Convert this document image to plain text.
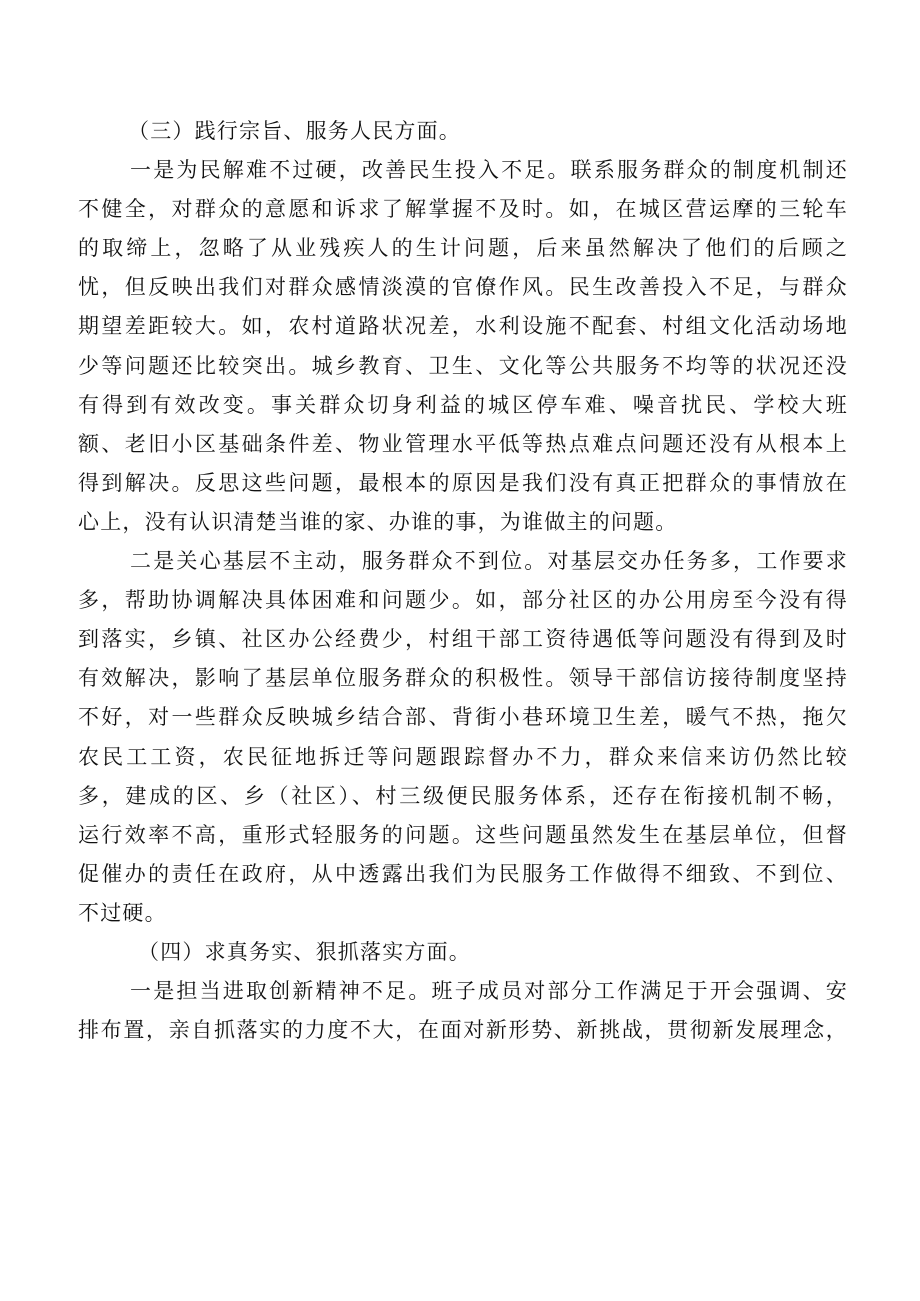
（三）践行宗旨、服务人民方面。
一是为民解难不过硬，改善民生投入不足。联系服务群众的制度机制还
不健全，对群众的意愿和诉求了解掌握不及时。如，在城区营运摩的三轮车
的取缔上，忽略了从业残疾人的生计问题，后来虽然解决了他们的后顾之
忧，但反映出我们对群众感情淡漠的官僚作风。民生改善投入不足，与群众
期望差距较大。如，农村道路状况差，水利设施不配套、村组文化活动场地
少等问题还比较突出。城乡教育、卫生、文化等公共服务不均等的状况还没
有得到有效改变。事关群众切身利益的城区停车难、噪音扰民、学校大班
额、老旧小区基础条件差、物业管理水平低等热点难点问题还没有从根本上
得到解决。反思这些问题，最根本的原因是我们没有真正把群众的事情放在
心上，没有认识清楚当谁的家、办谁的事，为谁做主的问题。
二是关心基层不主动，服务群众不到位。对基层交办任务多，工作要求
多，帮助协调解决具体困难和问题少。如，部分社区的办公用房至今没有得
到落实，乡镇、社区办公经费少，村组干部工资待遇低等问题没有得到及时
有效解决，影响了基层单位服务群众的积极性。领导干部信访接待制度坚持
不好，对一些群众反映城乡结合部、背街小巷环境卫生差，暖气不热，拖欠
农民工工资，农民征地拆迁等问题跟踪督办不力，群众来信来访仍然比较
多，建成的区、乡（社区）、村三级便民服务体系，还存在衔接机制不畅，
运行效率不高，重形式轻服务的问题。这些问题虽然发生在基层单位，但督
促催办的责任在政府，从中透露出我们为民服务工作做得不细致、不到位、
不过硬。
（四）求真务实、狠抓落实方面。
一是担当进取创新精神不足。班子成员对部分工作满足于开会强调、安
排布置，亲自抓落实的力度不大，在面对新形势、新挑战，贯彻新发展理念，
